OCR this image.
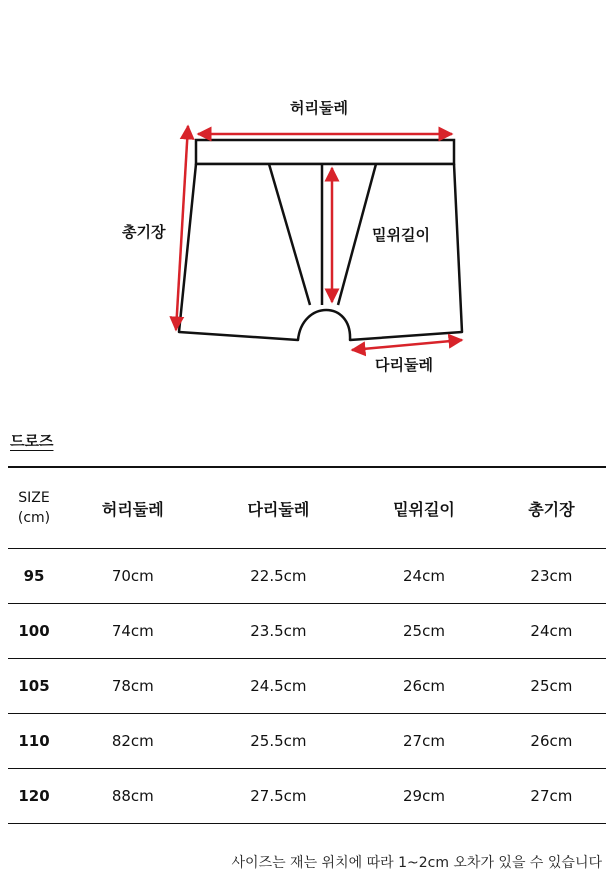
허리둘레
총기장	밑위길이
다리둘레
드로즈
SIZE
(cm)	허리둘레	다리둘레	밑위길이	총기장
95	70cm	22.5cm	24cm	23cm
100	74cm	23.5cm	25cm	24cm
105	78cm	24.5cm	26cm	25cm
110	82cm	25.5cm	27cm	26cm
120	88cm	27.5cm	29cm	27cm
사이즈는 재는 위치에 따라 1~2cm 오차가 있을 수 있습니다
